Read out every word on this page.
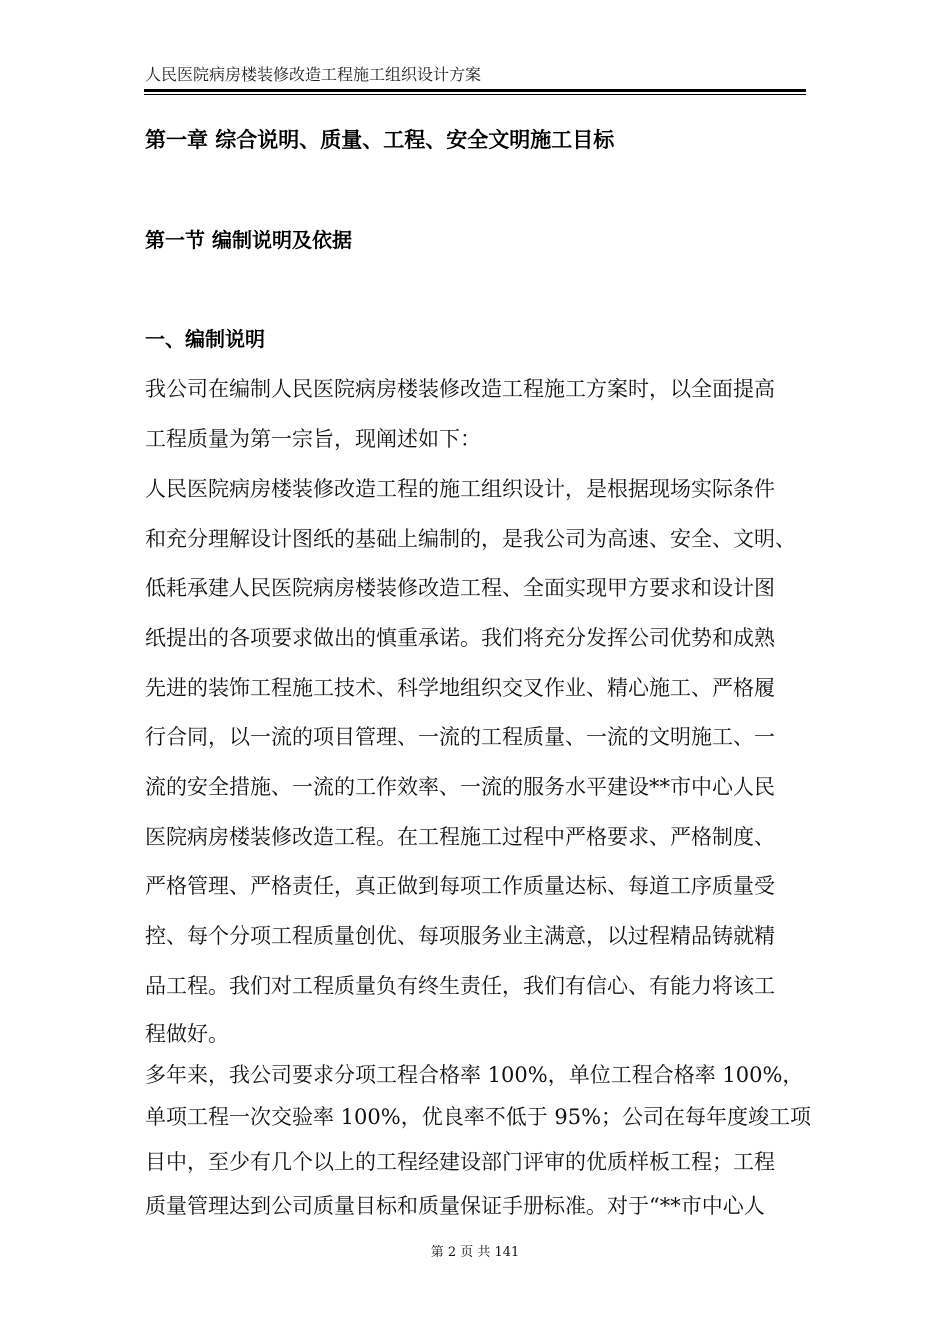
人民医院病房楼装修改造工程施工组织设计方案
第一章 综合说明、质量、工程、安全文明施工目标
第一节 编制说明及依据
一、编制说明

我公司在编制人民医院病房楼装修改造工程施工方案时，以全面提高

工程质量为第一宗旨，现阐述如下：

人民医院病房楼装修改造工程的施工组织设计，是根据现场实际条件

和充分理解设计图纸的基础上编制的，是我公司为高速、安全、文明、

低耗承建人民医院病房楼装修改造工程、全面实现甲方要求和设计图

纸提出的各项要求做出的慎重承诺。我们将充分发挥公司优势和成熟

先进的装饰工程施工技术、科学地组织交叉作业、精心施工、严格履

行合同，以一流的项目管理、一流的工程质量、一流的文明施工、一

流的安全措施、一流的工作效率、一流的服务水平建设**市中心人民

医院病房楼装修改造工程。在工程施工过程中严格要求、严格制度、

严格管理、严格责任，真正做到每项工作质量达标、每道工序质量受

控、每个分项工程质量创优、每项服务业主满意，以过程精品铸就精

品工程。我们对工程质量负有终生责任，我们有信心、有能力将该工

程做好。

多年来，我公司要求分项工程合格率 100%，单位工程合格率 100%，

单项工程一次交验率 100%，优良率不低于 95%；公司在每年度竣工项

目中，至少有几个以上的工程经建设部门评审的优质样板工程；工程

质量管理达到公司质量目标和质量保证手册标准。对于“**市中心人

第 2 页 共 141
